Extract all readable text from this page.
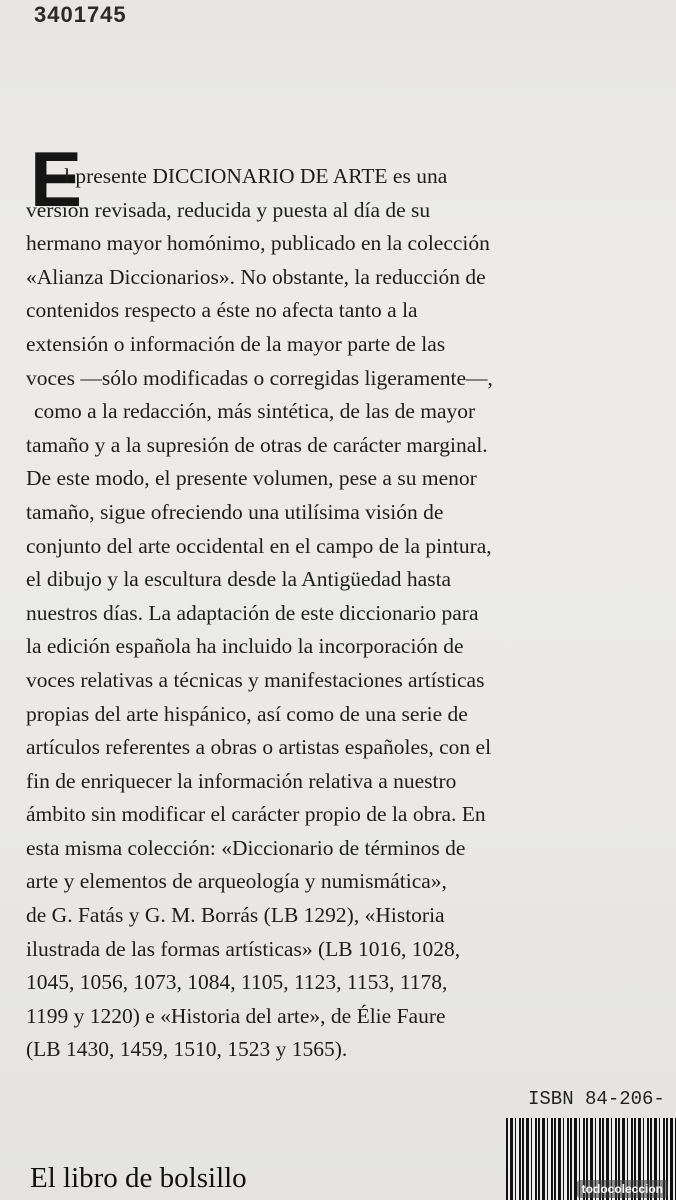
3401745
E
l presente DICCIONARIO DE ARTE es una
versión revisada, reducida y puesta al día de su
hermano mayor homónimo, publicado en la colección
«Alianza Diccionarios». No obstante, la reducción de
contenidos respecto a éste no afecta tanto a la
extensión o información de la mayor parte de las
voces —sólo modificadas o corregidas ligeramente—,
como a la redacción, más sintética, de las de mayor
tamaño y a la supresión de otras de carácter marginal.
De este modo, el presente volumen, pese a su menor
tamaño, sigue ofreciendo una utilísima visión de
conjunto del arte occidental en el campo de la pintura,
el dibujo y la escultura desde la Antigüedad hasta
nuestros días. La adaptación de este diccionario para
la edición española ha incluido la incorporación de
voces relativas a técnicas y manifestaciones artísticas
propias del arte hispánico, así como de una serie de
artículos referentes a obras o artistas españoles, con el
fin de enriquecer la información relativa a nuestro
ámbito sin modificar el carácter propio de la obra. En
esta misma colección: «Diccionario de términos de
arte y elementos de arqueología y numismática»,
de G. Fatás y G. M. Borrás (LB 1292), «Historia
ilustrada de las formas artísticas» (LB 1016, 1028,
1045, 1056, 1073, 1084, 1105, 1123, 1153, 1178,
1199 y 1220) e «Historia del arte», de Élie Faure
(LB 1430, 1459, 1510, 1523 y 1565).
ISBN 84-206-
El libro de bolsillo	todocoleccion
